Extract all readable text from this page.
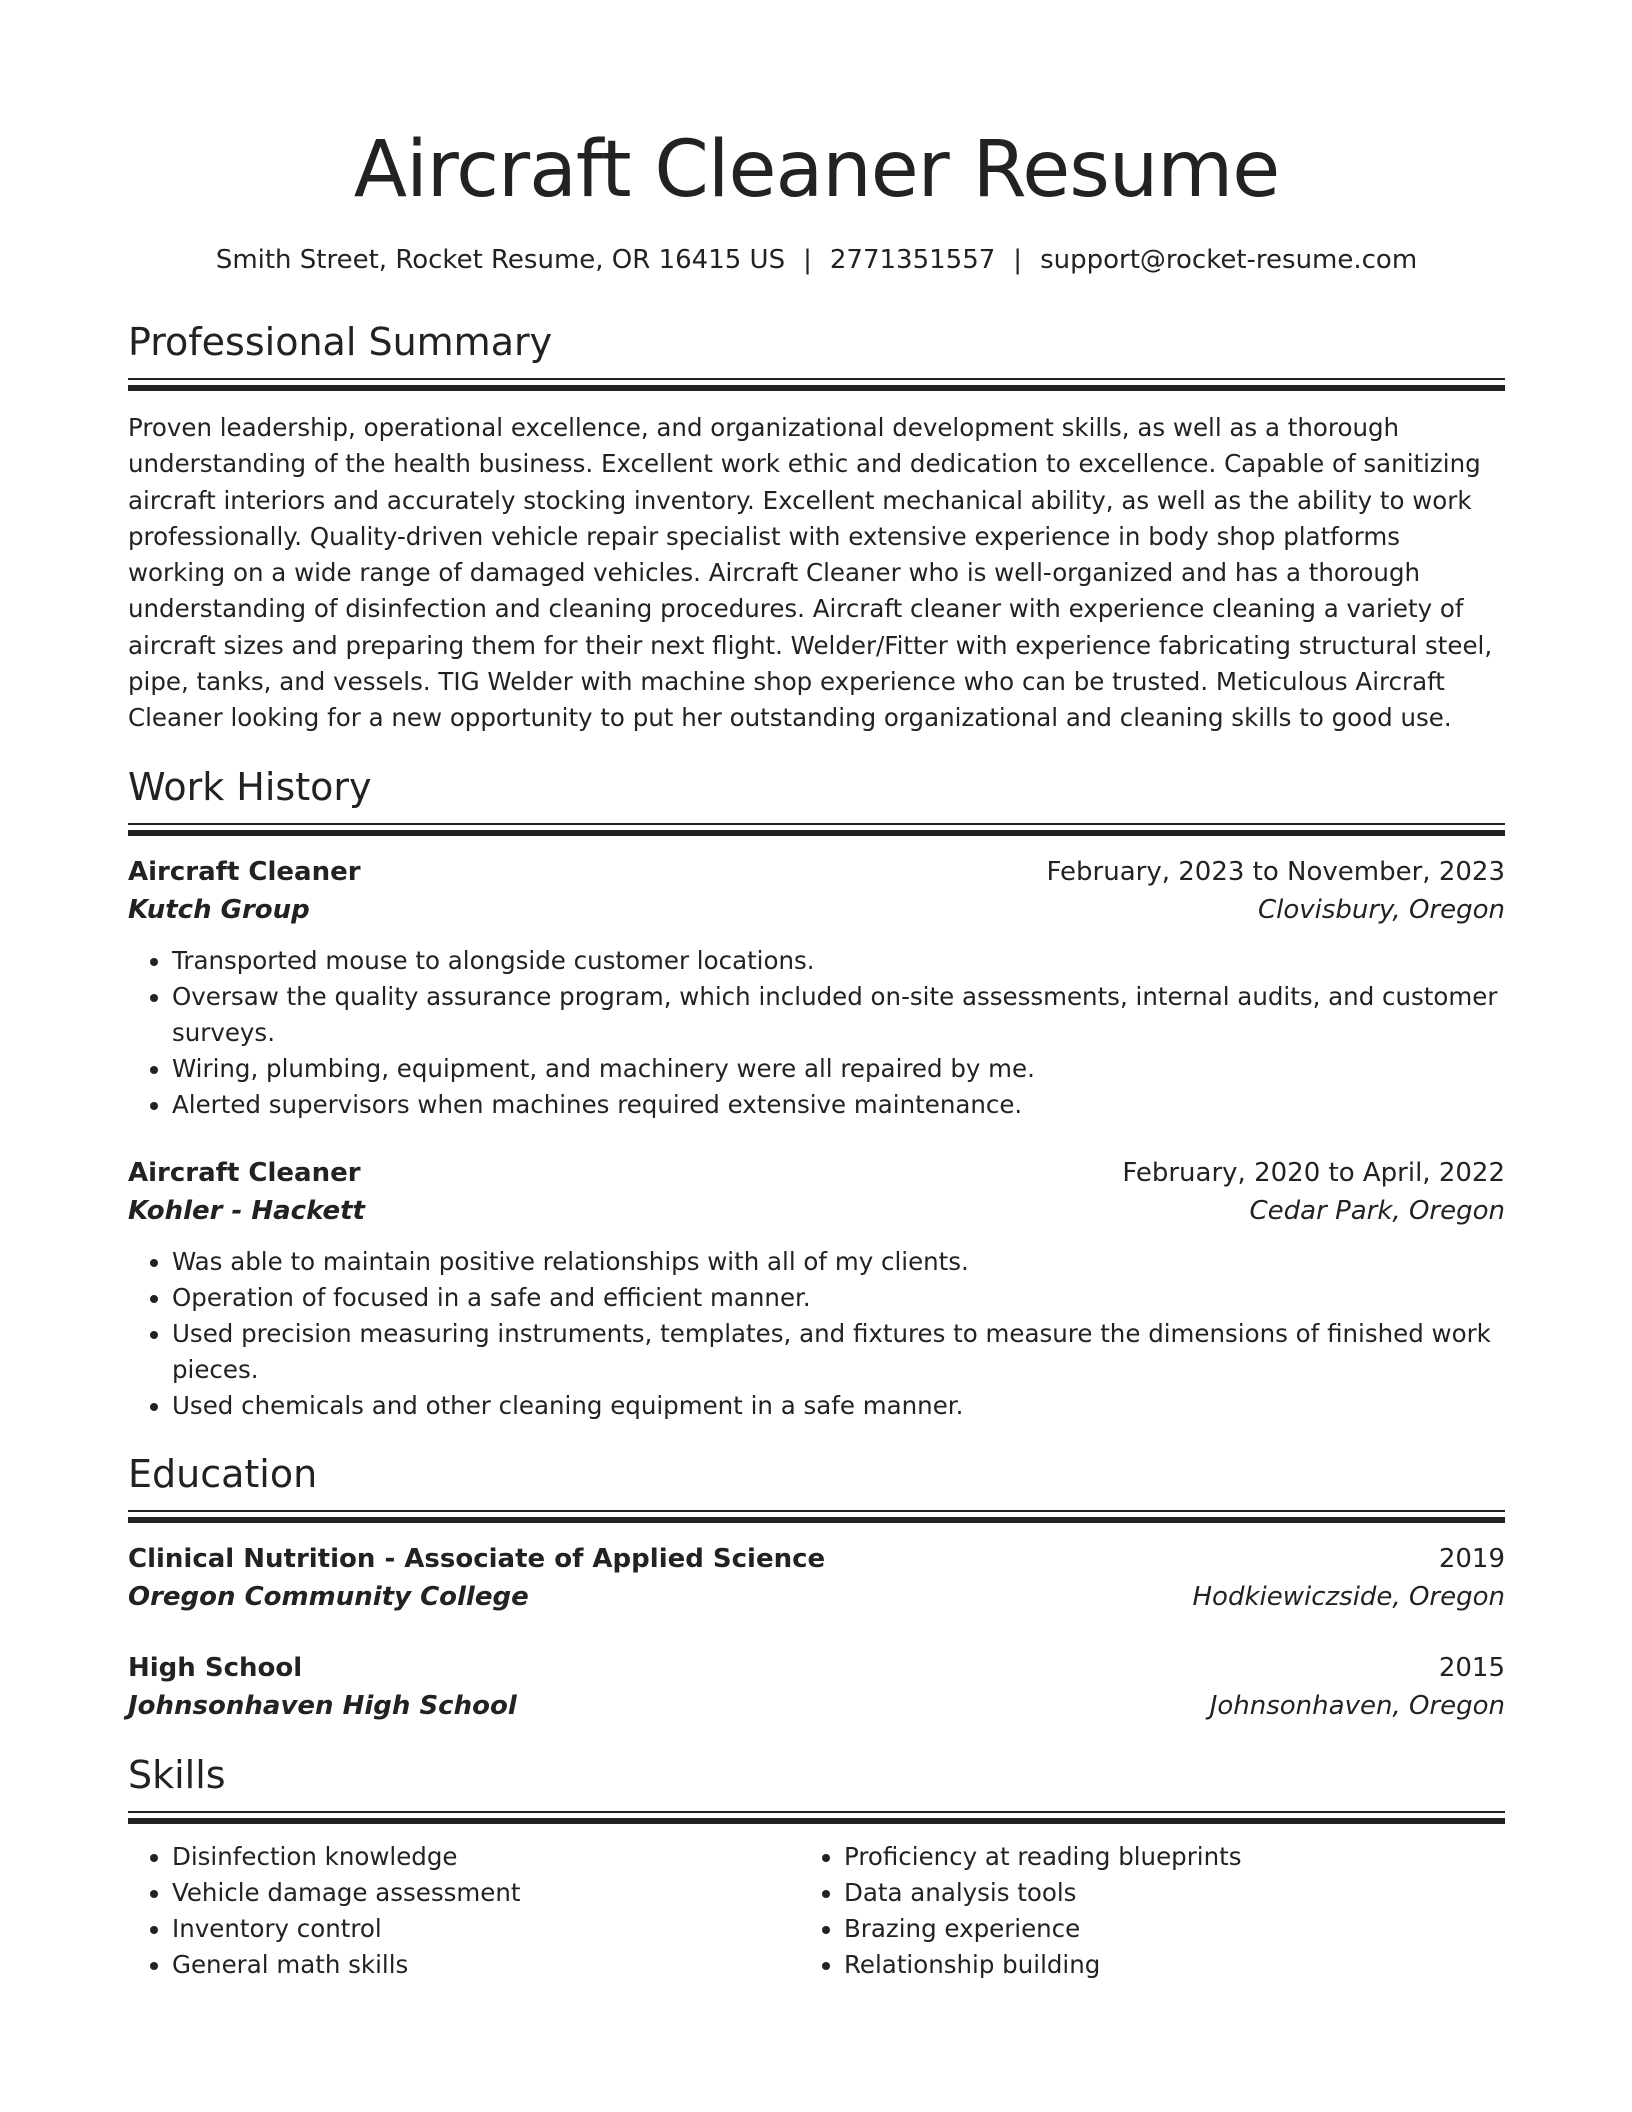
Aircraft Cleaner Resume
Smith Street, Rocket Resume, OR 16415 US | 2771351557 | support@rocket-resume.com
Professional Summary

Proven leadership, operational excellence, and organizational development skills, as well as a thorough understanding of the health business. Excellent work ethic and dedication to excellence. Capable of sanitizing aircraft interiors and accurately stocking inventory. Excellent mechanical ability, as well as the ability to work professionally. Quality-driven vehicle repair specialist with extensive experience in body shop platforms working on a wide range of damaged vehicles. Aircraft Cleaner who is well-organized and has a thorough understanding of disinfection and cleaning procedures. Aircraft cleaner with experience cleaning a variety of aircraft sizes and preparing them for their next flight. Welder/Fitter with experience fabricating structural steel, pipe, tanks, and vessels. TIG Welder with machine shop experience who can be trusted. Meticulous Aircraft Cleaner looking for a new opportunity to put her outstanding organizational and cleaning skills to good use.

Work History
Aircraft Cleaner	February, 2023 to November, 2023
Kutch Group	Clovisbury, Oregon
• Transported mouse to alongside customer locations.
• Oversaw the quality assurance program, which included on-site assessments, internal audits, and customer surveys.
• Wiring, plumbing, equipment, and machinery were all repaired by me.
• Alerted supervisors when machines required extensive maintenance.
Aircraft Cleaner	February, 2020 to April, 2022
Kohler - Hackett	Cedar Park, Oregon
• Was able to maintain positive relationships with all of my clients.
• Operation of focused in a safe and efficient manner.
• Used precision measuring instruments, templates, and fixtures to measure the dimensions of finished work pieces.
• Used chemicals and other cleaning equipment in a safe manner.
Education
Clinical Nutrition - Associate of Applied Science	2019
Oregon Community College	Hodkiewiczside, Oregon
High School	2015
Johnsonhaven High School	Johnsonhaven, Oregon
Skills
• Disinfection knowledge
• Vehicle damage assessment
• Inventory control
• General math skills
• Proficiency at reading blueprints
• Data analysis tools
• Brazing experience
• Relationship building
